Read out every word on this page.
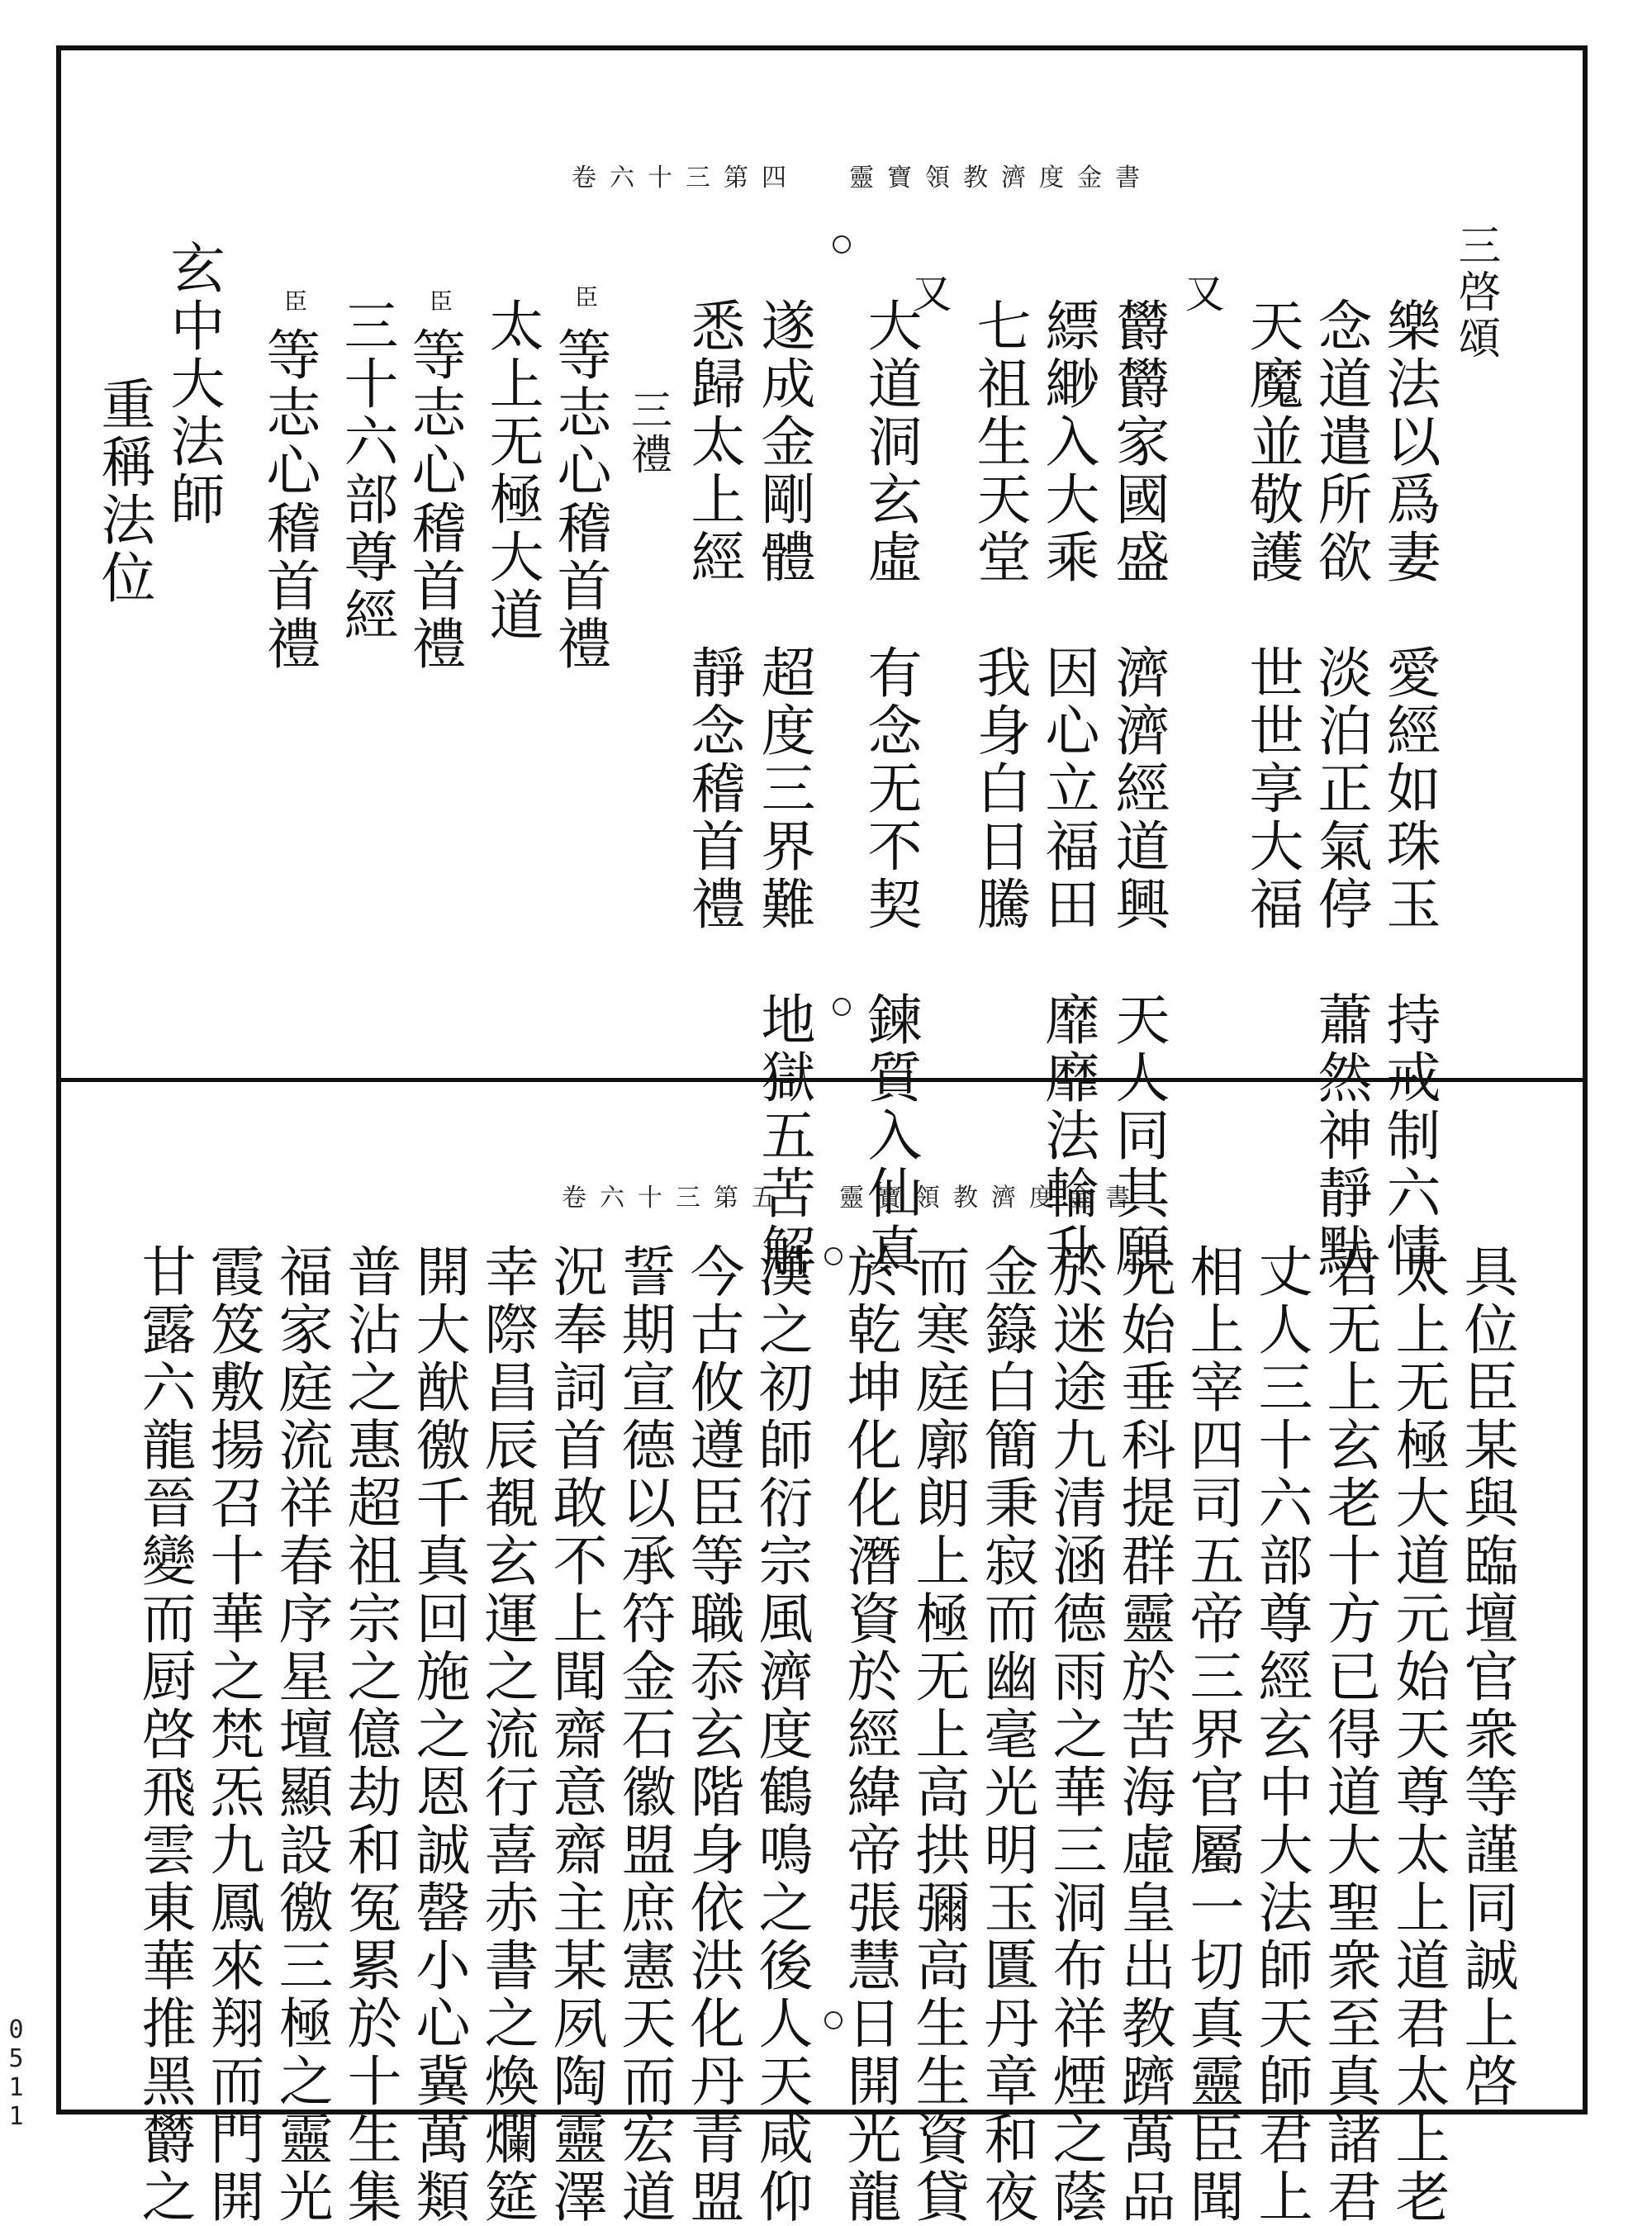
卷六十三第四 靈寶領教濟度金書
三啓頌
樂法以爲妻　愛經如珠玉　持戒制六情
念道遣所欲　淡泊正氣停　蕭然神靜默
天魔並敬護　世世享大福
又
欝欝家國盛　濟濟經道興　天人同其願
縹緲入大乘　因心立福田　靡靡法輪升
七祖生天堂　我身白日騰
又
大道洞玄虛　有念无不契　鍊質入仙真
遂成金剛體　超度三界難　地獄五苦解
悉歸太上經　靜念稽首禮
三禮
等志心稽首禮
太上无極大道
等志心稽首禮
三十六部尊經
等志心稽首禮
玄中大法師
重稱法位
臣
臣
臣
卷六十三第五 靈寶領教濟度金書
具位臣某與臨壇官衆等謹同誠上啓
太上无極大道元始天尊太上道君太上老
君无上玄老十方已得道大聖衆至真諸君
丈人三十六部尊經玄中大法師天師君上
相上宰四司五帝三界官屬一切真靈臣聞
元始垂科提群靈於苦海虛皇出教躋萬品
於迷途九清涵德雨之華三洞布祥煙之蔭
金籙白簡秉寂而幽毫光明玉匱丹章和夜
而寒庭廓朗上極无上高拱彌高生生資貸
於乾坤化化潛資於經緯帝張慧日開光龍
漢之初師衍宗風濟度鶴鳴之後人天咸仰
今古攸遵臣等職忝玄階身依洪化丹青盟
誓期宣德以承符金石徽盟庶憲天而宏道
況奉詞首敢不上聞齋意齋主某夙陶靈澤
幸際昌辰覩玄運之流行喜赤書之煥爛筵
開大猷徼千真回施之恩誠罄小心冀萬類
普沾之惠超祖宗之億劫和冤累於十生集
福家庭流祥春序星壇顯設徼三極之靈光
霞笈敷揚召十華之梵炁九鳳來翔而門開
甘露六龍晉變而厨啓飛雲東華推黑欝之
0511
